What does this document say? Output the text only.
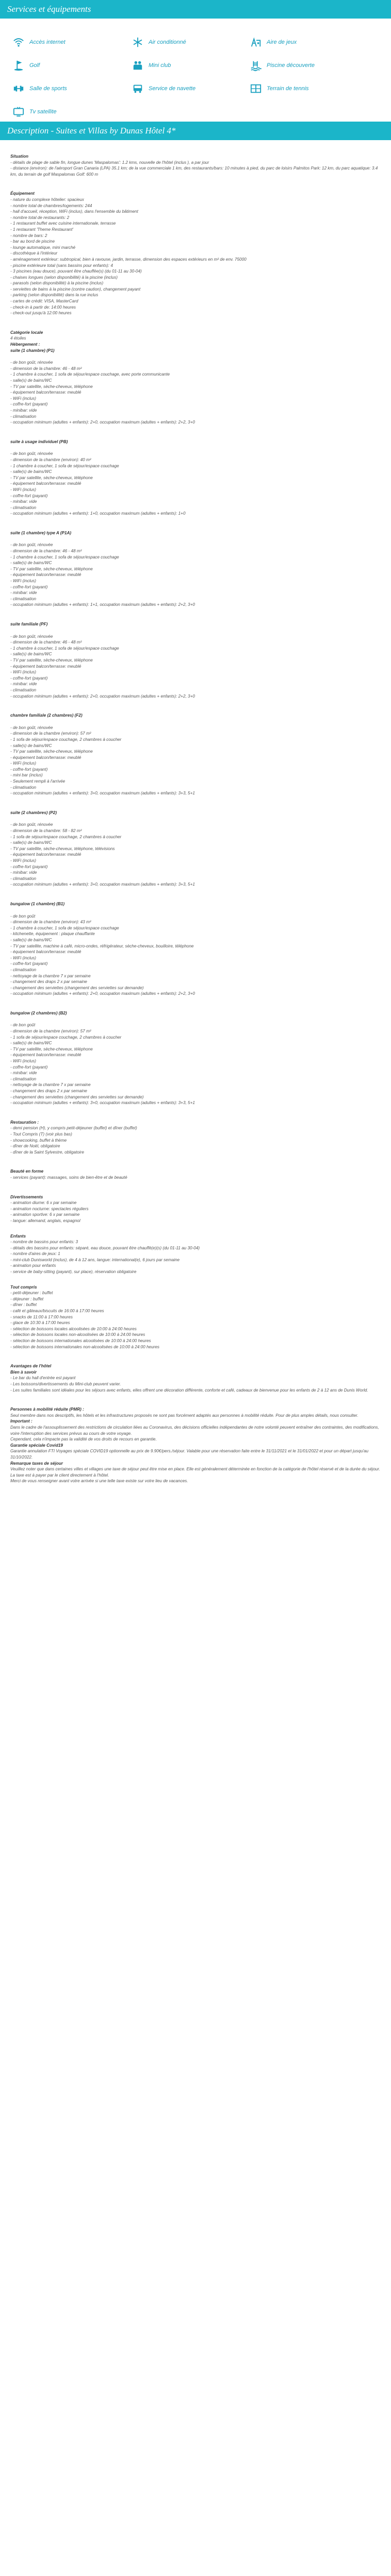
Services et équipements
Accès internet	Air conditionné	Aire de jeux
Golf	Mini club	Piscine découverte
Salle de sports	Service de navette	Terrain de tennis
Tv satellite
Description - Suites et Villas by Dunas Hôtel 4*

Situation

- détails de plage de sable fin, longue dunes 'Maspalomas': 1.2 kms, nouvelle de l'hôtel (inclus ), a par jour

- distance (environ): de l'aéroport Gran Canaria (LPA) 35.1 km; de la vue commerciale 1 km, des restaurants/bars: 10 minutes à pied, du parc de loisirs Palmitos Park: 12 km, du parc aquatique: 3.4 km, du terrain de golf Maspalomas Golf: 600 m

Équipement

- nature du complexe hôtelier: spacieux

- nombre total de chambres/logements: 244

- hall d'accueil, réception, WiFi (inclus), dans l'ensemble du bâtiment

- nombre total de restaurants: 2

- 1 restaurant buffet avec cuisine internationale, terrasse

- 1 restaurant 'Theme Restaurant'

- nombre de bars: 2

- bar au bord de piscine

- lounge automatique, mini marché

- discothèque à l'intérieur

- aménagement extérieur: subtropical, bien à ravouse, jardin, terrasse, dimension des espaces extérieurs en m² de env. 75000

- piscine extérieure total (sans bassins pour enfants): 4

- 3 piscines (eau douce), pouvant être chauffée(s) (du 01-11 au 30-04)

- chaises longues (selon disponibilité) à la piscine (inclus)

- parasols (selon disponibilité) à la piscine (inclus)

- serviettes de bains à la piscine (contre caution), changement payant

- parking (selon disponibilité) dans la rue inclus

- cartes de crédit: VISA, MasterCard

- check-in à partir de: 14:00 heures

- check-out jusqu'à 12:00 heures

Catégorie locale

4 étoiles

Hébergement :

suite (1 chambre) (P1)

- de bon goût, rénovée

- dimension de la chambre: 46 - 48 m²

- 1 chambre à coucher, 1 sofa de séjour/espace couchage, avec porte communicante

- salle(s) de bains/WC

- TV par satellite, sèche-cheveux, téléphone

- équipement balcon/terrasse: meublé

- WiFi (inclus)

- coffre-fort (payant)

- minibar: vide

- climatisation

- occupation minimum (adultes + enfants): 2+0, occupation maximum (adultes + enfants): 2+2, 3+0

suite à usage individuel (PB)

- de bon goût, rénovée

- dimension de la chambre (environ): 40 m²

- 1 chambre à coucher, 1 sofa de séjour/espace couchage

- salle(s) de bains/WC

- TV par satellite, sèche-cheveux, téléphone

- équipement balcon/terrasse: meublé

- WiFi (inclus)

- coffre-fort (payant)

- minibar: vide

- climatisation

- occupation minimum (adultes + enfants): 1+0, occupation maximum (adultes + enfants): 1+0

suite (1 chambre) type A (P1A)

- de bon goût, rénovée

- dimension de la chambre: 46 - 48 m²

- 1 chambre à coucher, 1 sofa de séjour/espace couchage

- salle(s) de bains/WC

- TV par satellite, sèche-cheveux, téléphone

- équipement balcon/terrasse: meublé

- WiFi (inclus)

- coffre-fort (payant)

- minibar: vide

- climatisation

- occupation minimum (adultes + enfants): 1+1, occupation maximum (adultes + enfants): 2+2, 3+0

suite familiale (PF)

- de bon goût, rénovée

- dimension de la chambre: 46 - 48 m²

- 1 chambre à coucher, 1 sofa de séjour/espace couchage

- salle(s) de bains/WC

- TV par satellite, sèche-cheveux, téléphone

- équipement balcon/terrasse: meublé

- WiFi (inclus)

- coffre-fort (payant)

- minibar: vide

- climatisation

- occupation minimum (adultes + enfants): 2+0, occupation maximum (adultes + enfants): 2+2, 3+0

chambre familiale (2 chambres) (F2)

- de bon goût, rénovée

- dimension de la chambre (environ): 57 m²

- 1 sofa de séjour/espace couchage, 2 chambres à coucher

- salle(s) de bains/WC

- TV par satellite, sèche-cheveux, téléphone

- équipement balcon/terrasse: meublé

- WiFi (inclus)

- coffre-fort (payant)

- mini bar (inclus)

- Seulement rempli à l'arrivée

- climatisation

- occupation minimum (adultes + enfants): 3+0, occupation maximum (adultes + enfants): 3+3, 5+1

suite (2 chambres) (P2)

- de bon goût, rénovée

- dimension de la chambre: 58 - 82 m²

- 1 sofa de séjour/espace couchage, 2 chambres à coucher

- salle(s) de bains/WC

- TV par satellite, sèche-cheveux, téléphone, télévisions

- équipement balcon/terrasse: meublé

- WiFi (inclus)

- coffre-fort (payant)

- minibar: vide

- climatisation

- occupation minimum (adultes + enfants): 3+0, occupation maximum (adultes + enfants): 3+3, 5+1

bungalow (1 chambre) (B1)

- de bon goût

- dimension de la chambre (environ): 43 m²

- 1 chambre à coucher, 1 sofa de séjour/espace couchage

- kitchenette, équipement : plaque chauffante

- salle(s) de bains/WC

- TV par satellite, machine à café, micro-ondes, réfrigérateur, sèche-cheveux, bouilloire, téléphone

- équipement balcon/terrasse: meublé

- WiFi (inclus)

- coffre-fort (payant)

- climatisation

- nettoyage de la chambre 7 x par semaine

- changement des draps 2 x par semaine

- changement des serviettes (changement des serviettes sur demande)

- occupation minimum (adultes + enfants): 2+0, occupation maximum (adultes + enfants): 2+2, 3+0

bungalow (2 chambres) (B2)

- de bon goût

- dimension de la chambre (environ): 57 m²

- 1 sofa de séjour/espace couchage, 2 chambres à coucher

- salle(s) de bains/WC

- TV par satellite, sèche-cheveux, téléphone

- équipement balcon/terrasse: meublé

- WiFi (inclus)

- coffre-fort (payant)

- minibar: vide

- climatisation

- nettoyage de la chambre 7 x par semaine

- changement des draps 2 x par semaine

- changement des serviettes (changement des serviettes sur demande)

- occupation minimum (adultes + enfants): 3+0, occupation maximum (adultes + enfants): 3+3, 5+1

Restauration :

- demi pension (H), y compris petit-déjeuner (buffet) et dîner (buffet)

- Tout Compris (T) (voir plus bas)

- showcooking, buffet à thème

- dîner de Noël, obligatoire

- dîner de la Saint Sylvestre, obligatoire

Beauté en forme

- services (payant): massages, soins de bien-être et de beauté

Divertissements

- animation diurne: 6 x par semaine

- animation nocturne: spectacles réguliers

- animation sportive: 6 x par semaine

- langue: allemand, anglais, espagnol

Enfants

- nombre de bassins pour enfants: 3

- détails des bassins pour enfants: séparé, eau douce, pouvant être chauffé(e)(s) (du 01-11 au 30-04)

- nombre d'aires de jeux: 1

- mini-club Dunisworld (inclus), de 4 à 12 ans, langue: international(e), 6 jours par semaine

- animation pour enfants

- service de baby-sitting (payant), sur place), réservation obligatoire

Tout compris

- petit-déjeuner : buffet

- déjeuner : buffet

- dîner : buffet

- café et gâteaux/biscuits de 16:00 à 17:00 heures

- snacks de 11:00 à 17:00 heures

- glace de 10:30 à 17:00 heures

- sélection de boissons locales alcoolisées de 10:00 à 24:00 heures

- sélection de boissons locales non-alcoolisées de 10:00 à 24:00 heures

- sélection de boissons internationales alcoolisées de 10:00 à 24:00 heures

- sélection de boissons internationales non-alcoolisées de 10:00 à 24:00 heures

Avantages de l'hôtel

Bien à savoir

- Le bar du hall d'entrée est payant

- Les boissons/divertissements du Mini-club peuvent varier.

- Les suites familiales sont idéales pour les séjours avec enfants, elles offrent une décoration différente, conforte et café, cadeaux de bienvenue pour les enfants de 2 à 12 ans de Dunis World.

Personnes à mobilité réduite (PMR) :

Seul membre dans nos descriptifs, les hôtels et les infrastructures proposés ne sont pas forcément adaptés aux personnes à mobilité réduite. Pour de plus amples détails, nous consulter.

Important :

Dans le cadre de l'assouplissement des restrictions de circulation liées au Coronavirus, des décisions officielles indépendantes de notre volonté peuvent entraîner des contraintes, des modifications, voire l'interruption des services prévus au cours de votre voyage.

Cependant, cela n'impacte pas la validité de vos droits de recours en garantie.

Garantie spéciale Covid19

Garantie annulation FTI Voyages spéciale COVID19 optionnelle au prix de 9.90€/pers./séjour. Valable pour une réservation faite entre le 31/11/2021 et le 31/01/2022 et pour un départ jusqu'au 31/10/2022.

Remarque taxes de séjour

Veuillez noter que dans certaines villes et villages une taxe de séjour peut être mise en place. Elle est généralement déterminée en fonction de la catégorie de l'hôtel réservé et de la durée du séjour. La taxe est à payer par le client directement à l'hôtel.

Merci de vous renseigner avant votre arrivée si une telle taxe existe sur votre lieu de vacances.
